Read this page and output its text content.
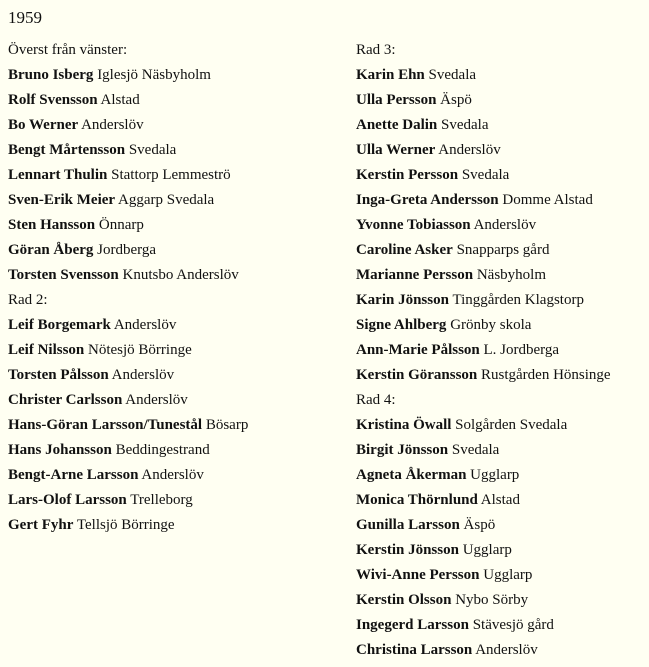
1959
Överst från vänster:
Bruno Isberg Iglesjö Näsbyholm
Rolf Svensson Alstad
Bo Werner Anderslöv
Bengt Mårtensson Svedala
Lennart Thulin Stattorp Lemmeströ
Sven-Erik Meier Aggarp Svedala
Sten Hansson Önnarp
Göran Åberg Jordberga
Torsten Svensson Knutsbo Anderslöv
Rad 2:
Leif Borgemark Anderslöv
Leif Nilsson Nötesjö Börringe
Torsten Pålsson Anderslöv
Christer Carlsson Anderslöv
Hans-Göran Larsson/Tunestål Bösarp
Hans Johansson Beddingestrand
Bengt-Arne Larsson Anderslöv
Lars-Olof Larsson Trelleborg
Gert Fyhr Tellsjö Börringe
Rad 3:
Karin Ehn Svedala
Ulla Persson Äspö
Anette Dalin Svedala
Ulla Werner Anderslöv
Kerstin Persson Svedala
Inga-Greta Andersson Domme Alstad
Yvonne Tobiasson Anderslöv
Caroline Asker Snapparps gård
Marianne Persson Näsbyholm
Karin Jönsson Tinggården Klagstorp
Signe Ahlberg Grönby skola
Ann-Marie Pålsson L. Jordberga
Kerstin Göransson Rustgården Hönsinge
Rad 4:
Kristina Öwall Solgården Svedala
Birgit Jönsson Svedala
Agneta Åkerman Ugglarp
Monica Thörnlund Alstad
Gunilla Larsson Äspö
Kerstin Jönsson Ugglarp
Wivi-Anne Persson Ugglarp
Kerstin Olsson Nybo Sörby
Ingegerd Larsson Stävesjö gård
Christina Larsson Anderslöv
